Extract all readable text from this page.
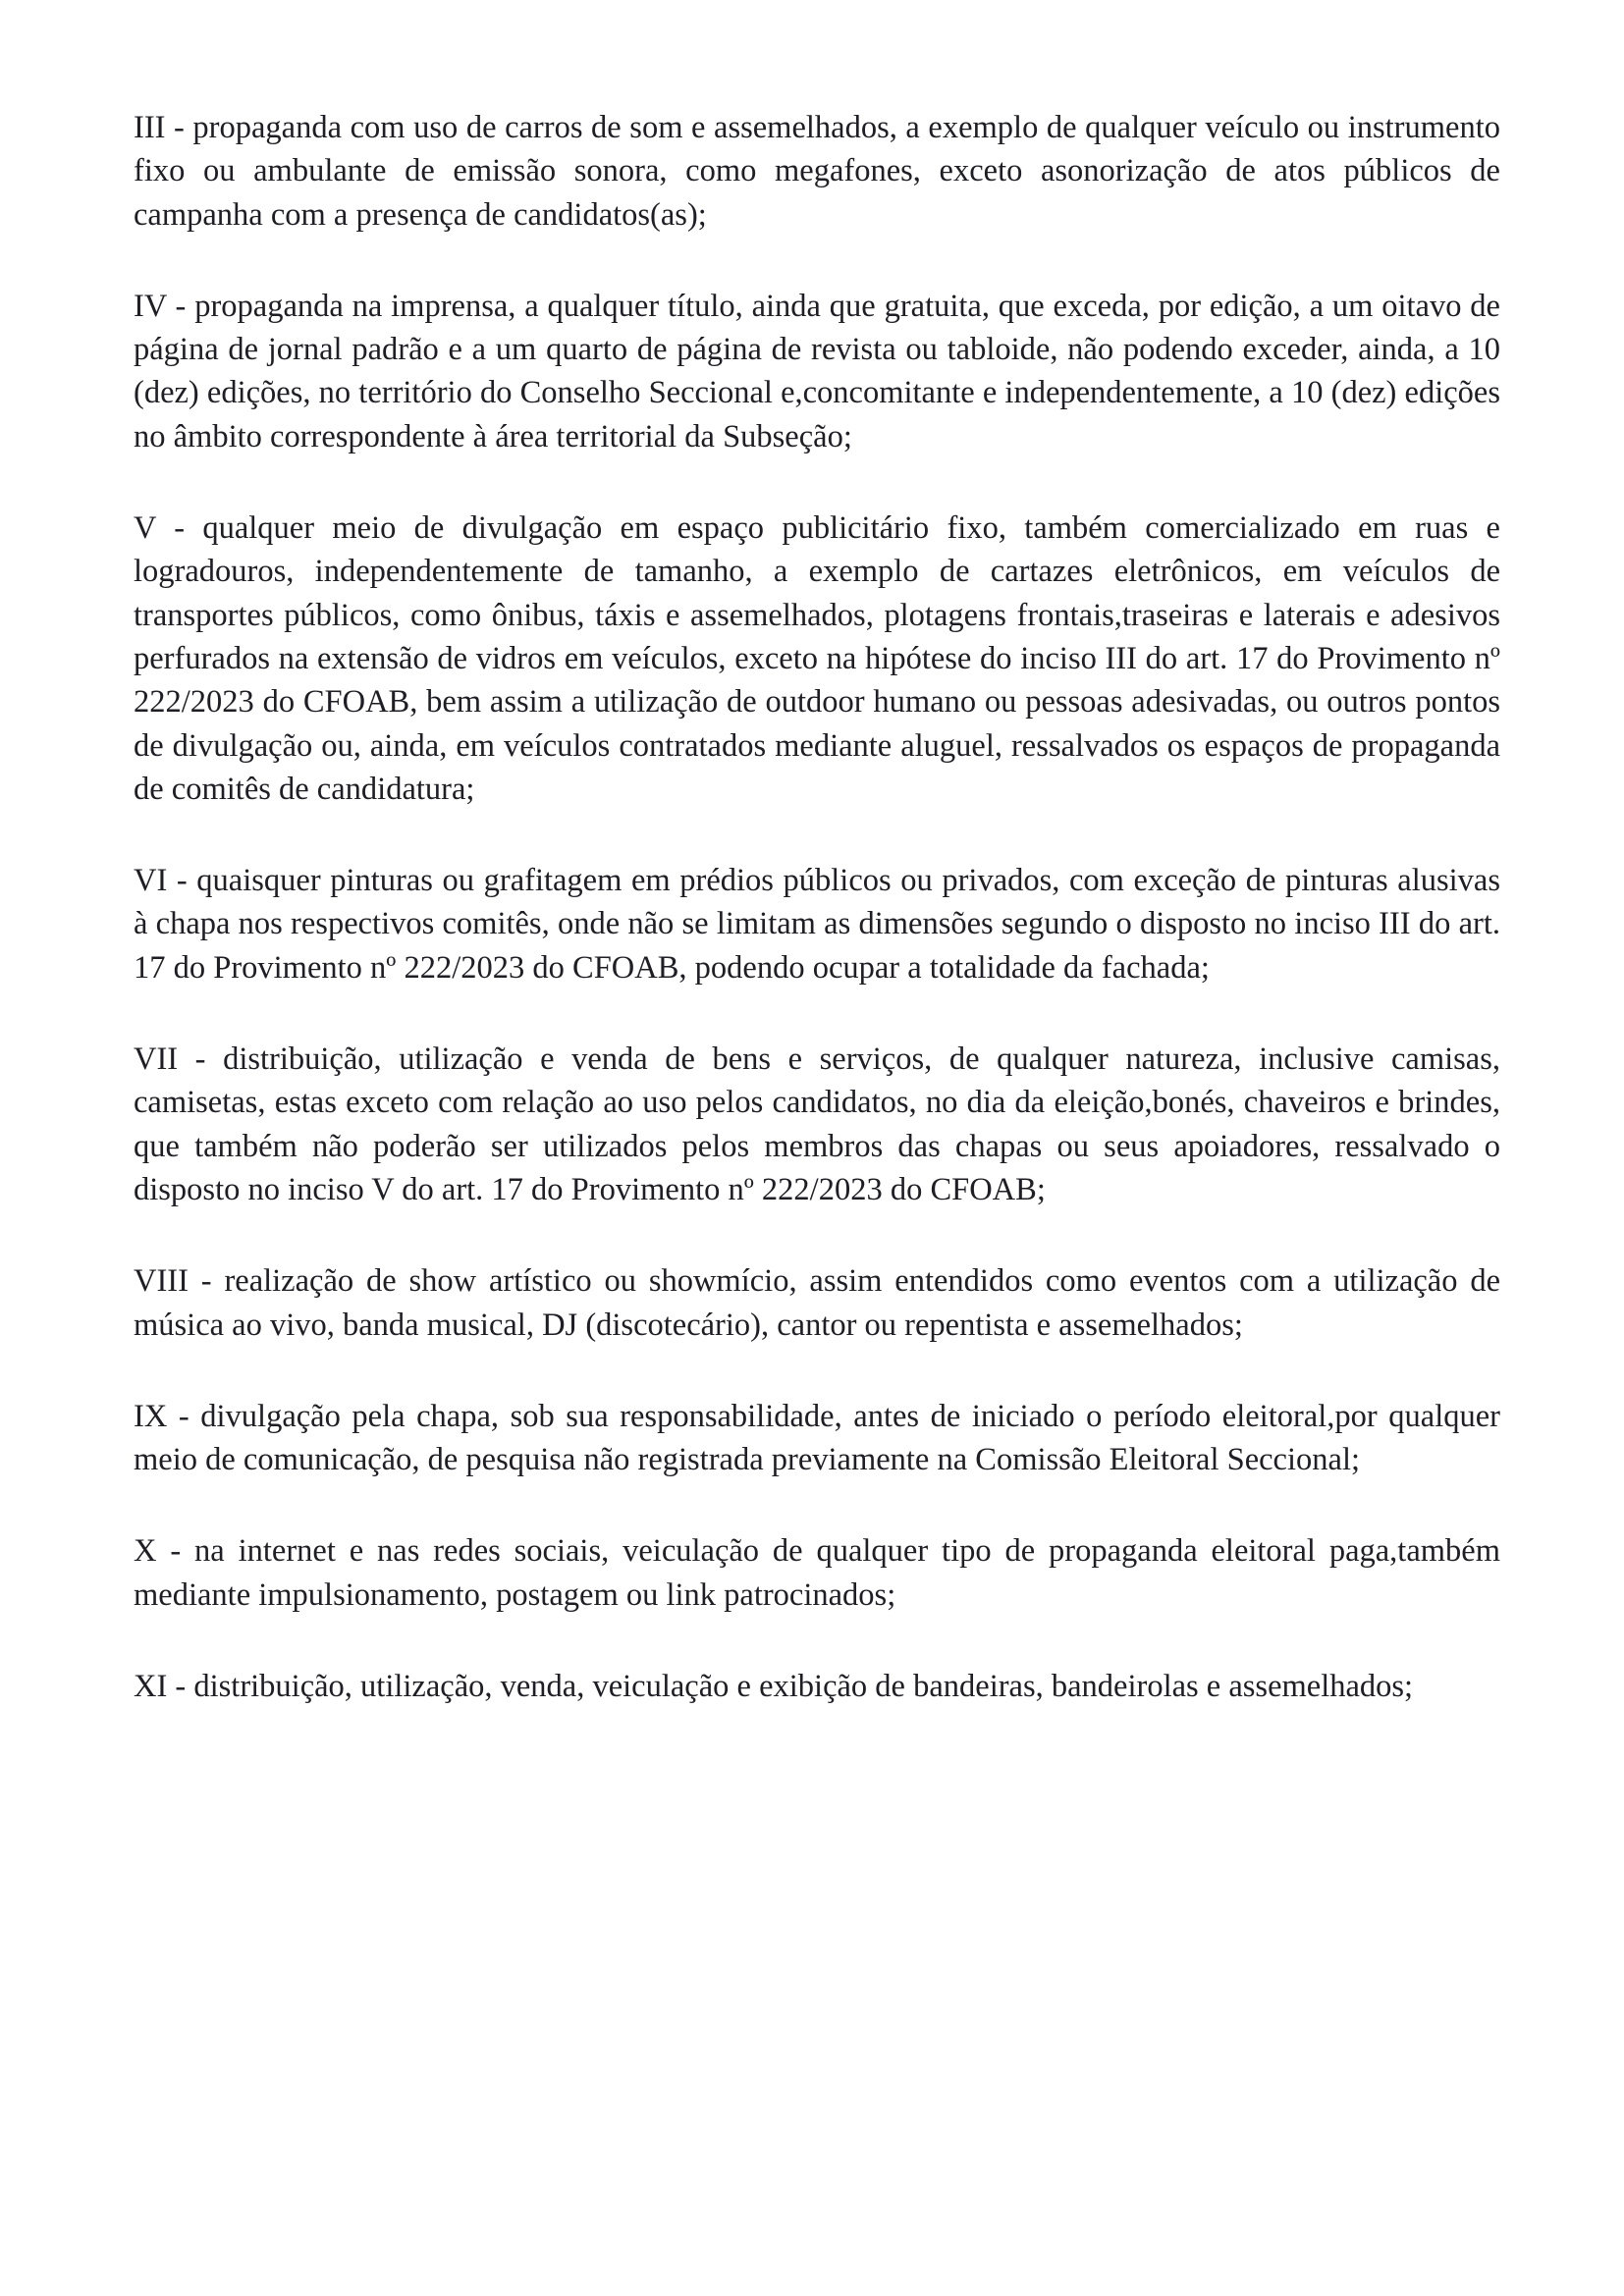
III - propaganda com uso de carros de som e assemelhados, a exemplo de qualquer veículo ou instrumento fixo ou ambulante de emissão sonora, como megafones, exceto asonorização de atos públicos de campanha com a presença de candidatos(as);

IV - propaganda na imprensa, a qualquer título, ainda que gratuita, que exceda, por edição, a um oitavo de página de jornal padrão e a um quarto de página de revista ou tabloide, não podendo exceder, ainda, a 10 (dez) edições, no território do Conselho Seccional e,concomitante e independentemente, a 10 (dez) edições no âmbito correspondente à área territorial da Subseção;

V - qualquer meio de divulgação em espaço publicitário fixo, também comercializado em ruas e logradouros, independentemente de tamanho, a exemplo de cartazes eletrônicos, em veículos de transportes públicos, como ônibus, táxis e assemelhados, plotagens frontais,traseiras e laterais e adesivos perfurados na extensão de vidros em veículos, exceto na hipótese do inciso III do art. 17 do Provimento nº 222/2023 do CFOAB, bem assim a utilização de outdoor humano ou pessoas adesivadas, ou outros pontos de divulgação ou, ainda, em veículos contratados mediante aluguel, ressalvados os espaços de propaganda de comitês de candidatura;

VI - quaisquer pinturas ou grafitagem em prédios públicos ou privados, com exceção de pinturas alusivas à chapa nos respectivos comitês, onde não se limitam as dimensões segundo o disposto no inciso III do art. 17 do Provimento nº 222/2023 do CFOAB, podendo ocupar a totalidade da fachada;

VII - distribuição, utilização e venda de bens e serviços, de qualquer natureza, inclusive camisas, camisetas, estas exceto com relação ao uso pelos candidatos, no dia da eleição,bonés, chaveiros e brindes, que também não poderão ser utilizados pelos membros das chapas ou seus apoiadores, ressalvado o disposto no inciso V do art. 17 do Provimento nº 222/2023 do CFOAB;

VIII - realização de show artístico ou showmício, assim entendidos como eventos com a utilização de música ao vivo, banda musical, DJ (discotecário), cantor ou repentista e assemelhados;

IX - divulgação pela chapa, sob sua responsabilidade, antes de iniciado o período eleitoral,por qualquer meio de comunicação, de pesquisa não registrada previamente na Comissão Eleitoral Seccional;

X - na internet e nas redes sociais, veiculação de qualquer tipo de propaganda eleitoral paga,também mediante impulsionamento, postagem ou link patrocinados;

XI - distribuição, utilização, venda, veiculação e exibição de bandeiras, bandeirolas e assemelhados;
